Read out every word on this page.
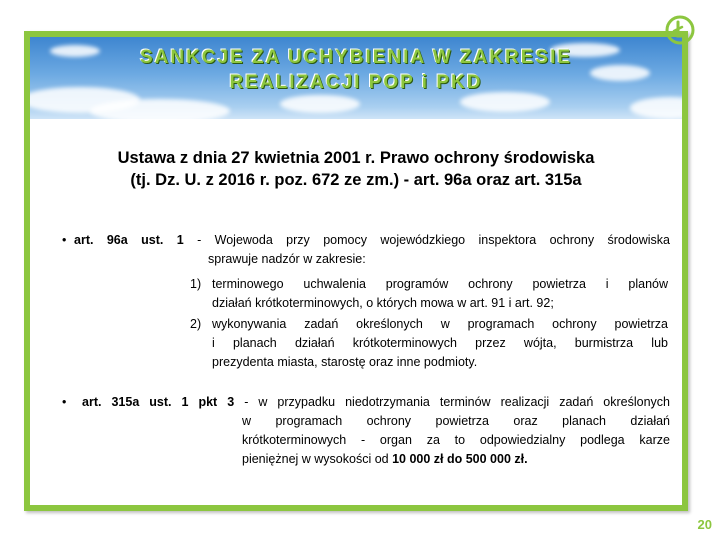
SANKCJE ZA UCHYBIENIA W ZAKRESIE
REALIZACJI POP i PKD
Ustawa z dnia 27 kwietnia 2001 r. Prawo ochrony środowiska
(tj. Dz. U. z 2016 r. poz. 672 ze zm.) - art. 96a oraz art. 315a
• art. 96a ust. 1 - Wojewoda przy pomocy wojewódzkiego inspektora ochrony środowiska
sprawuje nadzór w zakresie:
1) terminowego uchwalenia programów ochrony powietrza i planów
działań krótkoterminowych, o których mowa w art. 91 i art. 92;
2) wykonywania zadań określonych w programach ochrony powietrza
i planach działań krótkoterminowych przez wójta, burmistrza lub
prezydenta miasta, starostę oraz inne podmioty.
• art. 315a ust. 1 pkt 3 - w przypadku niedotrzymania terminów realizacji zadań określonych
w programach ochrony powietrza oraz planach działań
krótkoterminowych - organ za to odpowiedzialny podlega karze
pieniężnej w wysokości od 10 000 zł do 500 000 zł.
20
